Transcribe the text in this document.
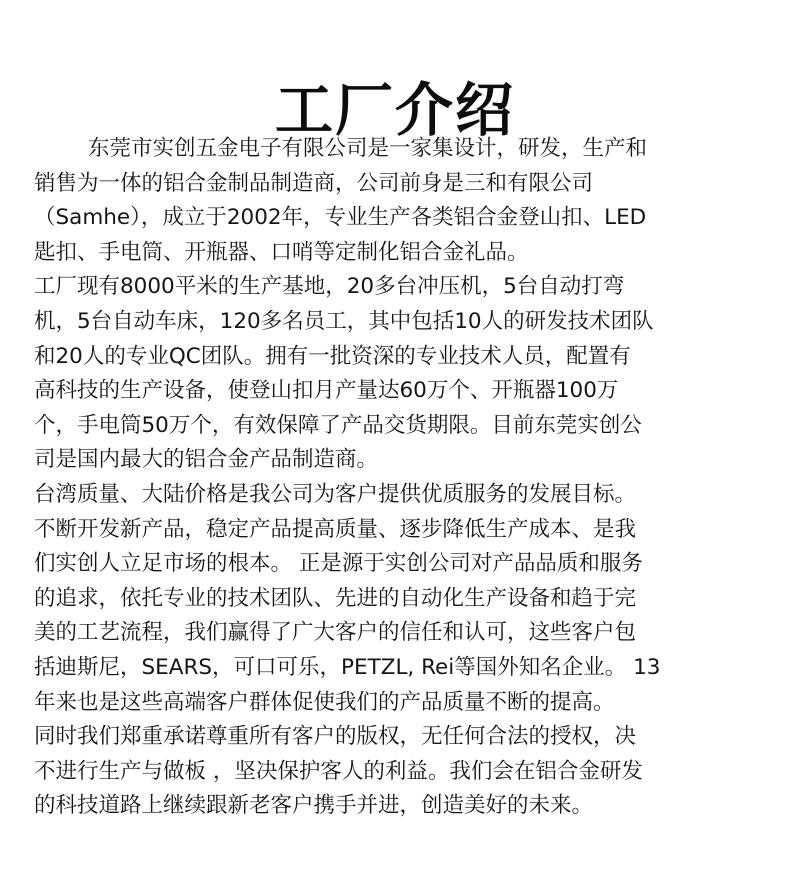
工厂介绍
东莞市实创五金电子有限公司是一家集设计，研发，生产和
销售为一体的铝合金制品制造商，公司前身是三和有限公司
（Samhe），成立于2002年，专业生产各类铝合金登山扣、LED
匙扣、手电筒、开瓶器、口哨等定制化铝合金礼品。
工厂现有8000平米的生产基地，20多台冲压机，5台自动打弯
机，5台自动车床，120多名员工，其中包括10人的研发技术团队
和20人的专业QC团队。拥有一批资深的专业技术人员，配置有
高科技的生产设备，使登山扣月产量达60万个、开瓶器100万
个，手电筒50万个，有效保障了产品交货期限。目前东莞实创公
司是国内最大的铝合金产品制造商。
台湾质量、大陆价格是我公司为客户提供优质服务的发展目标。
不断开发新产品，稳定产品提高质量、逐步降低生产成本、是我
们实创人立足市场的根本。 正是源于实创公司对产品品质和服务
的追求，依托专业的技术团队、先进的自动化生产设备和趋于完
美的工艺流程，我们赢得了广大客户的信任和认可，这些客户包
括迪斯尼，SEARS，可口可乐，PETZL, Rei等国外知名企业。 13
年来也是这些高端客户群体促使我们的产品质量不断的提高。
同时我们郑重承诺尊重所有客户的版权，无任何合法的授权，决
不进行生产与做板 ，坚决保护客人的利益。我们会在铝合金研发
的科技道路上继续跟新老客户携手并进，创造美好的未来。
